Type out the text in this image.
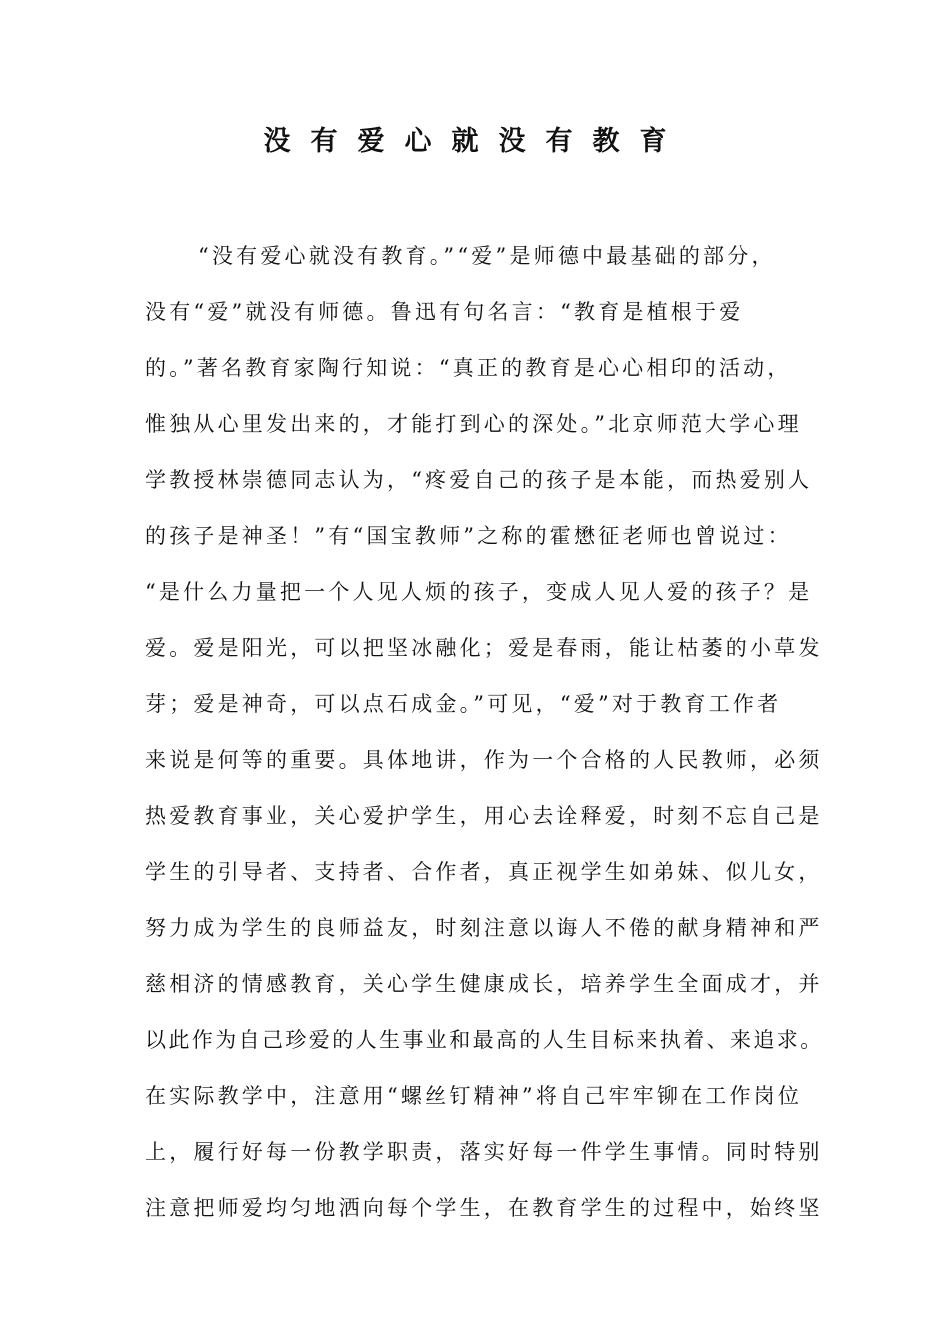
没有爱心就没有教育
“没有爱心就没有教育。”“爱”是师德中最基础的部分，
没有“爱”就没有师德。鲁迅有句名言：“教育是植根于爱
的。”著名教育家陶行知说：“真正的教育是心心相印的活动，
惟独从心里发出来的，才能打到心的深处。”北京师范大学心理
学教授林崇德同志认为，“疼爱自己的孩子是本能，而热爱别人
的孩子是神圣！”有“国宝教师”之称的霍懋征老师也曾说过：
“是什么力量把一个人见人烦的孩子，变成人见人爱的孩子？是
爱。爱是阳光，可以把坚冰融化；爱是春雨，能让枯萎的小草发
芽；爱是神奇，可以点石成金。”可见，“爱”对于教育工作者
来说是何等的重要。具体地讲，作为一个合格的人民教师，必须
热爱教育事业，关心爱护学生，用心去诠释爱，时刻不忘自己是
学生的引导者、支持者、合作者，真正视学生如弟妹、似儿女，
努力成为学生的良师益友，时刻注意以诲人不倦的献身精神和严
慈相济的情感教育，关心学生健康成长，培养学生全面成才，并
以此作为自己珍爱的人生事业和最高的人生目标来执着、来追求。
在实际教学中，注意用“螺丝钉精神”将自己牢牢铆在工作岗位
上，履行好每一份教学职责，落实好每一件学生事情。同时特别
注意把师爱均匀地洒向每个学生，在教育学生的过程中，始终坚
